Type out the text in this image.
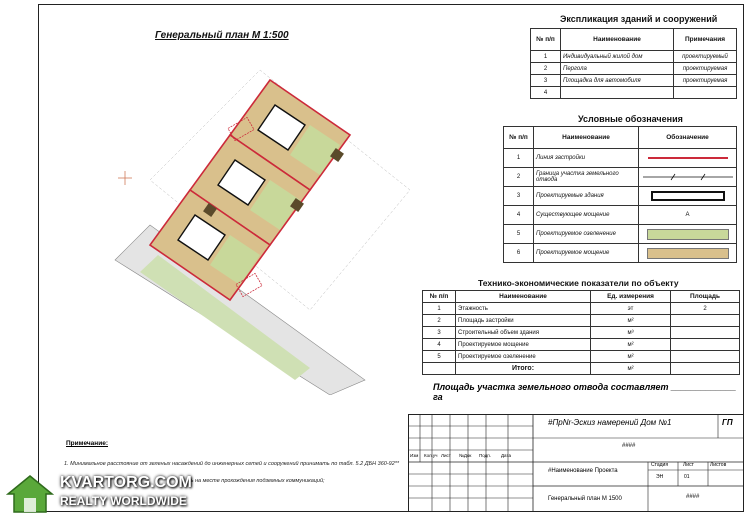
Генеральный план М 1:500
Экспликация зданий и сооружений
№ п/п	Наименование	Примечания
1	Индивидуальный жилой дом	проектируемый
2	Пергола	проектируемая
3	Площадка для автомобиля	проектируемая
4		
Условные обозначения
№ п/п	Наименование	Обозначение
1	Линия застройки	

2	Граница участка земельного отвода	

3	Проектируемые здания	

4	Существующее мощение	A
5	Проектируемое озеленение	

6	Проектируемое мощение	
Технико-экономические показатели по объекту
№ п/п	Наименование	Ед. измерения	Площадь
1	Этажность	эт	2
2	Площадь застройки	м²	
3	Строительный объем здания	м³	
4	Проектируемое мощение	м²	
5	Проектируемое озеленение	м²	
	Итого:	м²	
Площадь участка земельного отвода составляет _____________ га
Примечание:
1. Минимальное расстояние от зеленых насаждений до инженерных сетей и сооружений принимать по табл. 5.2 ДБН 360-92**
ть на месте прохождения подземных коммуникаций;
#ПрNr-Эскиз намерений Дом №1	ГП
####
Изм	Кол.уч Лист	№Док	Подп.	Дата
#Наименование Проекта
Стадия	Лист	Листов
ЭН	01
Генеральный план М 1500	####
KVARTORG.COM
REALTY WORLDWIDE
